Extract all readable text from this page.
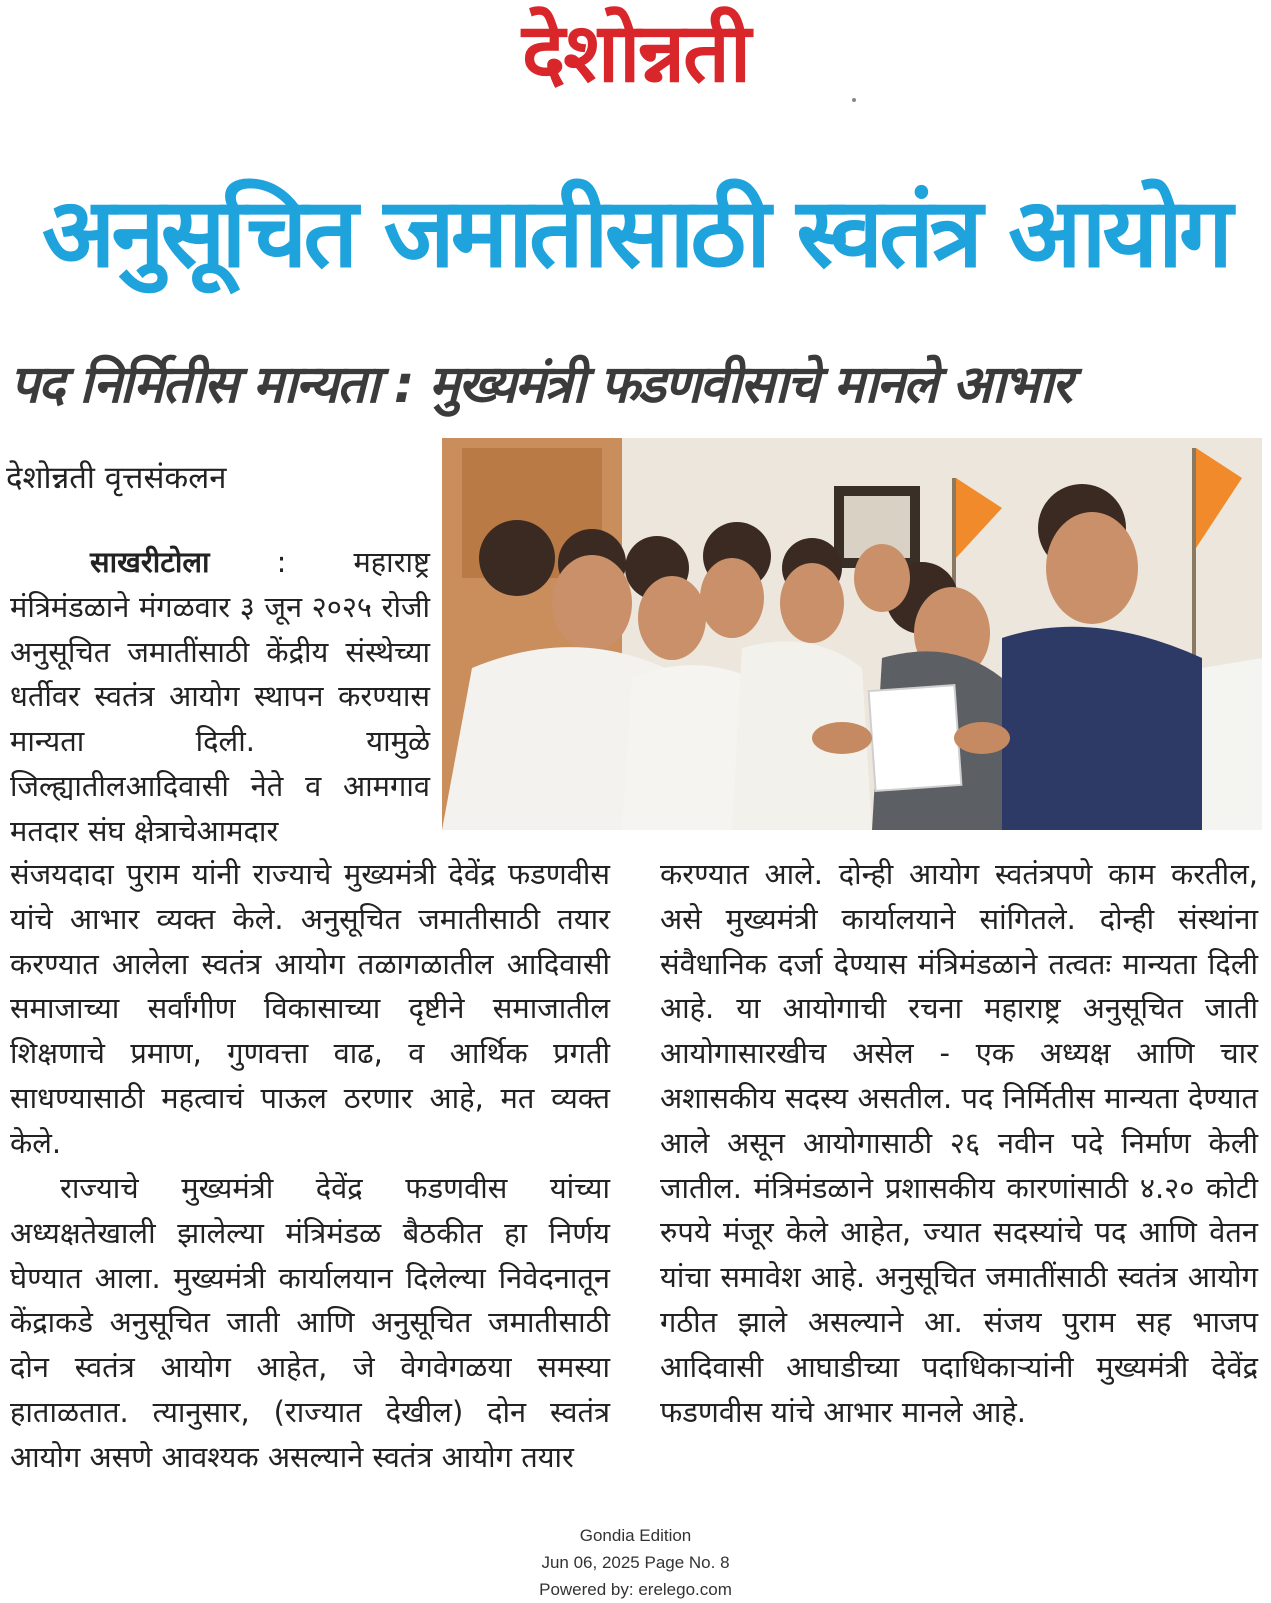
देशोन्नती
अनुसूचित जमातीसाठी स्वतंत्र आयोग
पद निर्मितीस मान्यता : मुख्यमंत्री फडणवीसाचे मानले आभार
देशोन्नती वृत्तसंकलन

साखरीटोला : महाराष्ट्र मंत्रिमंडळाने मंगळवार ३ जून २०२५ रोजी अनुसूचित जमातींसाठी केंद्रीय संस्थेच्या धर्तीवर स्वतंत्र आयोग स्थापन करण्यास मान्यता दिली. यामुळे जिल्ह्यातीलआदिवासी नेते व आमगाव मतदार संघ क्षेत्राचेआमदार

संजयदादा पुराम यांनी राज्याचे मुख्यमंत्री देवेंद्र फडणवीस यांचे आभार व्यक्त केले. अनुसूचित जमातीसाठी तयार करण्यात आलेला स्वतंत्र आयोग तळागळातील आदिवासी समाजाच्या सर्वांगीण विकासाच्या दृष्टीने समाजातील शिक्षणाचे प्रमाण, गुणवत्ता वाढ, व आर्थिक प्रगती साधण्यासाठी महत्वाचं पाऊल ठरणार आहे, मत व्यक्त केले.

राज्याचे मुख्यमंत्री देवेंद्र फडणवीस यांच्या अध्यक्षतेखाली झालेल्या मंत्रिमंडळ बैठकीत हा निर्णय घेण्यात आला. मुख्यमंत्री कार्यालयान दिलेल्या निवेदनातून केंद्राकडे अनुसूचित जाती आणि अनुसूचित जमातीसाठी दोन स्वतंत्र आयोग आहेत, जे वेगवेगळया समस्या हाताळतात. त्यानुसार, (राज्यात देखील) दोन स्वतंत्र आयोग असणे आवश्यक असल्याने स्वतंत्र आयोग तयार

करण्यात आले. दोन्ही आयोग स्वतंत्रपणे काम करतील, असे मुख्यमंत्री कार्यालयाने सांगितले. दोन्ही संस्थांना संवैधानिक दर्जा देण्यास मंत्रिमंडळाने तत्वतः मान्यता दिली आहे. या आयोगाची रचना महाराष्ट्र अनुसूचित जाती आयोगासारखीच असेल - एक अध्यक्ष आणि चार अशासकीय सदस्य असतील. पद निर्मितीस मान्यता देण्यात आले असून आयोगासाठी २६ नवीन पदे निर्माण केली जातील. मंत्रिमंडळाने प्रशासकीय कारणांसाठी ४.२० कोटी रुपये मंजूर केले आहेत, ज्यात सदस्यांचे पद आणि वेतन यांचा समावेश आहे. अनुसूचित जमातींसाठी स्वतंत्र आयोग गठीत झाले असल्याने आ. संजय पुराम सह भाजप आदिवासी आघाडीच्या पदाधिकाऱ्यांनी मुख्यमंत्री देवेंद्र फडणवीस यांचे आभार मानले आहे.

Gondia Edition
Jun 06, 2025 Page No. 8
Powered by: erelego.com
